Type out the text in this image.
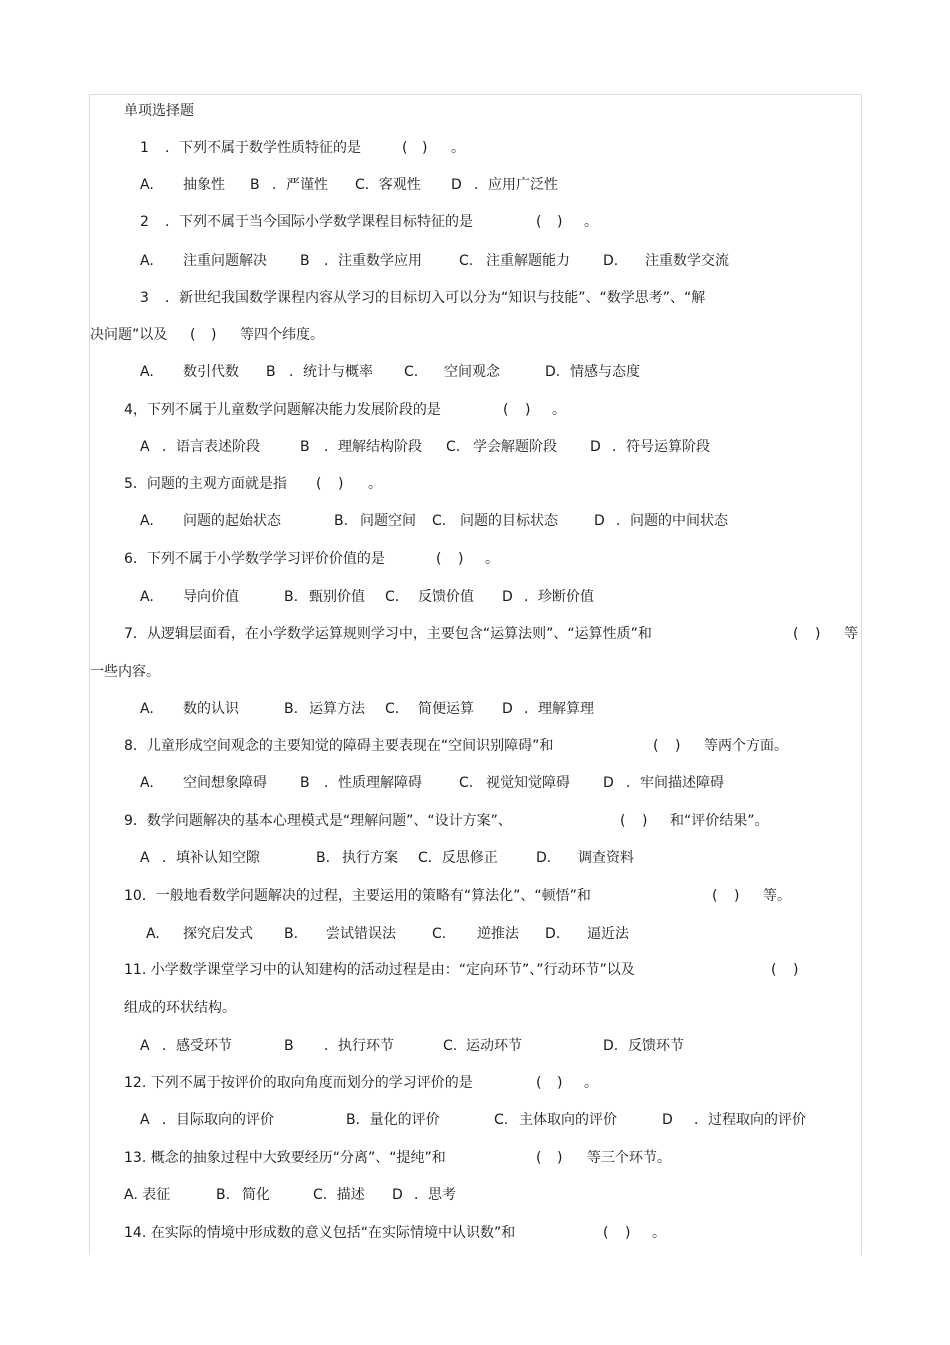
单项选择题
1 ．下列不属于数学性质特征的是	( ) 。
A. 抽象性 B ．严谨性 C．客观性 D ．应用广泛性
2 ．下列不属于当今国际小学数学课程目标特征的是	( ) 。
A. 注重问题解决 B ．注重数学应用	C. 注重解题能力 D. 注重数学交流
3 ．新世纪我国数学课程内容从学习的目标切入可以分为“知识与技能”、“数学思考”、“解
决问题”以及 ( ) 等四个纬度。
A. 数引代数 B ．统计与概率 C. 空间观念	D. 情感与态度
4，下列不属于儿童数学问题解决能力发展阶段的是	( ) 。
A ．语言表述阶段	B ．理解结构阶段 C. 学会解题阶段 D ．符号运算阶段
5．问题的主观方面就是指 ( ) 。
A. 问题的起始状态	B. 问题空间 C. 问题的目标状态	D ．问题的中间状态
6．下列不属于小学数学学习评价价值的是	( ) 。
A. 导向价值	B. 甄别价值 C. 反馈价值 D ．珍断价值
7．从逻辑层面看，在小学数学运算规则学习中，主要包含“运算法则”、“运算性质”和	( ) 等
一些内容。
A. 数的认识	B. 运算方法 C. 简便运算 D ．理解算理
8．儿童形成空间观念的主要知觉的障碍主要表现在“空间识别障碍”和	( ) 等两个方面。
A. 空间想象障碍 B ．性质理解障碍	C. 视觉知觉障碍 D ．牢间描述障碍
9．数学问题解决的基本心理模式是“理解问题”、“设计方案”、	( ) 和“评价结果”。
A ．填补认知空隙	B. 执行方案 C．反思修正	D. 调查资料
10．一般地看数学问题解决的过程，主要运用的策略有“算法化”、“顿悟”和	( ) 等。
A. 探究启发式 B. 尝试错误法	C. 逆推法 D. 逼近法
11. 小学数学课堂学习中的认知建构的活动过程是由：“定向环节”、”行动环节”以及	( )
组成的环状结构。
A ．感受环节	B ．执行环节	C. 运动环节	D. 反馈环节
12. 下列不属于按评价的取向角度而划分的学习评价的是	( ) 。
A ．目际取向的评价	B．量化的评价	C. 主体取向的评价	D ．过程取向的评价
13. 概念的抽象过程中大致要经历“分离”、“提纯”和	( ) 等三个环节。
A. 表征	B. 简化	C．描述 D ．思考
14. 在实际的情境中形成数的意义包括“在实际情境中认识数”和	( ) 。
